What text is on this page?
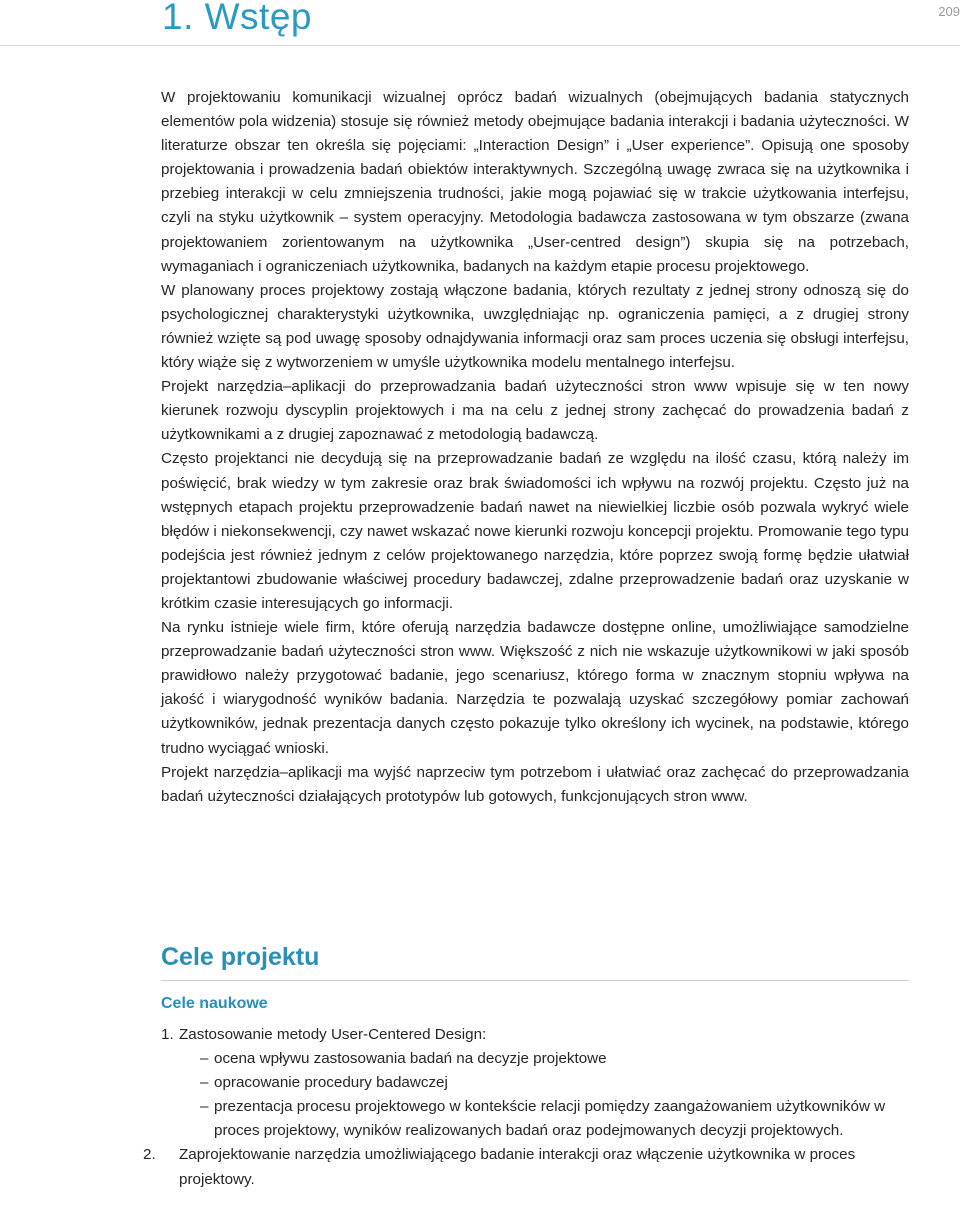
1. Wstęp	209
W projektowaniu komunikacji wizualnej oprócz badań wizualnych (obejmujących badania statycznych elementów pola widzenia) stosuje się również metody obejmujące badania interakcji i badania użyteczności. W literaturze obszar ten określa się pojęciami: „Interaction Design” i „User experience”. Opisują one sposoby projektowania i prowadzenia badań obiektów interaktywnych. Szczególną uwagę zwraca się na użytkownika i przebieg interakcji w celu zmniejszenia trudności, jakie mogą pojawiać się w trakcie użytkowania interfejsu, czyli na styku użytkownik – system operacyjny. Metodologia badawcza zastosowana w tym obszarze (zwana projektowaniem zorientowanym na użytkownika „User-centred design”) skupia się na potrzebach, wymaganiach i ograniczeniach użytkownika, badanych na każdym etapie procesu projektowego.
W planowany proces projektowy zostają włączone badania, których rezultaty z jednej strony odnoszą się do psychologicznej charakterystyki użytkownika, uwzględniając np. ograniczenia pamięci, a z drugiej strony również wzięte są pod uwagę sposoby odnajdywania informacji oraz sam proces uczenia się obsługi interfejsu, który wiąże się z wytworzeniem w umyśle użytkownika modelu mentalnego interfejsu.
Projekt narzędzia–aplikacji do przeprowadzania badań użyteczności stron www wpisuje się w ten nowy kierunek rozwoju dyscyplin projektowych i ma na celu z jednej strony zachęcać do prowadzenia badań z użytkownikami a z drugiej zapoznawać z metodologią badawczą.
Często projektanci nie decydują się na przeprowadzanie badań ze względu na ilość czasu, którą należy im poświęcić, brak wiedzy w tym zakresie oraz brak świadomości ich wpływu na rozwój projektu. Często już na wstępnych etapach projektu przeprowadzenie badań nawet na niewielkiej liczbie osób pozwala wykryć wiele błędów i niekonsekwencji, czy nawet wskazać nowe kierunki rozwoju koncepcji projektu. Promowanie tego typu podejścia jest również jednym z celów projektowanego narzędzia, które poprzez swoją formę będzie ułatwiał projektantowi zbudowanie właściwej procedury badawczej, zdalne przeprowadzenie badań oraz uzyskanie w krótkim czasie interesujących go informacji.
Na rynku istnieje wiele firm, które oferują narzędzia badawcze dostępne online, umożliwiające samodzielne przeprowadzanie badań użyteczności stron www. Większość z nich nie wskazuje użytkownikowi w jaki sposób prawidłowo należy przygotować badanie, jego scenariusz, którego forma w znacznym stopniu wpływa na jakość i wiarygodność wyników badania. Narzędzia te pozwalają uzyskać szczegółowy pomiar zachowań użytkowników, jednak prezentacja danych często pokazuje tylko określony ich wycinek, na podstawie, którego trudno wyciągać wnioski.
Projekt narzędzia–aplikacji ma wyjść naprzeciw tym potrzebom i ułatwiać oraz zachęcać do przeprowadzania badań użyteczności działających prototypów lub gotowych, funkcjonujących stron www.
Cele projektu
Cele naukowe
1. Zastosowanie metody User-Centered Design:
– ocena wpływu zastosowania badań na decyzje projektowe
– opracowanie procedury badawczej
– prezentacja procesu projektowego w kontekście relacji pomiędzy zaangażowaniem użytkowników w proces projektowy, wyników realizowanych badań oraz podejmowanych decyzji projektowych.
2. Zaprojektowanie narzędzia umożliwiającego badanie interakcji oraz włączenie użytkownika w proces projektowy.
